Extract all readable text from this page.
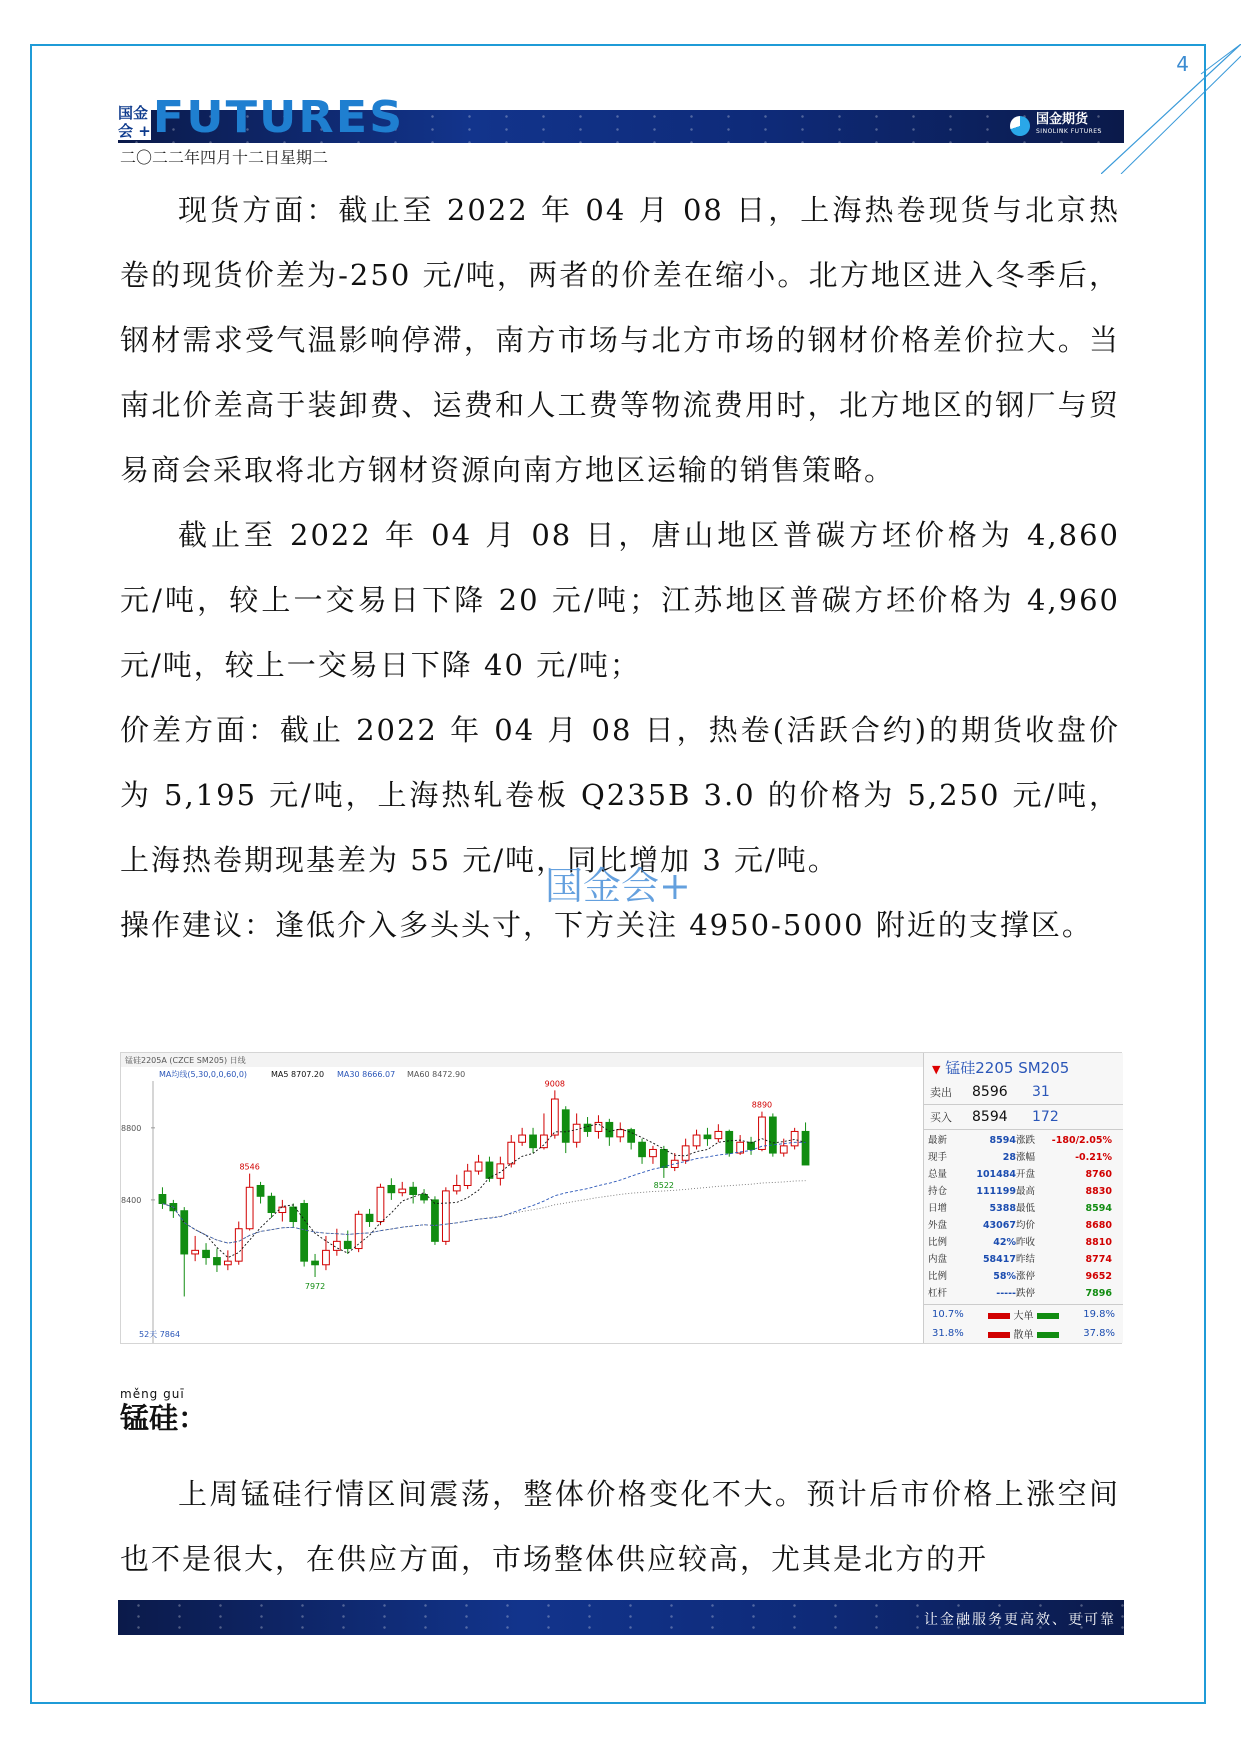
4
国金
会 + FUTURES	国金期货
SINOLINK FUTURES
二〇二二年四月十二日星期二

现货方面：截止至 2022 年 04 月 08 日，上海热卷现货与北京热卷的现货价差为-250 元/吨，两者的价差在缩小。北方地区进入冬季后，钢材需求受气温影响停滞，南方市场与北方市场的钢材价格差价拉大。当南北价差高于装卸费、运费和人工费等物流费用时，北方地区的钢厂与贸易商会采取将北方钢材资源向南方地区运输的销售策略。

截止至 2022 年 04 月 08 日，唐山地区普碳方坯价格为 4,860 元/吨，较上一交易日下降 20 元/吨；江苏地区普碳方坯价格为 4,960 元/吨，较上一交易日下降 40 元/吨；

价差方面：截止 2022 年 04 月 08 日，热卷(活跃合约)的期货收盘价为 5,195 元/吨，上海热轧卷板 Q235B 3.0 的价格为 5,250 元/吨，上海热卷期现基差为 55 元/吨，同比增加 3 元/吨。

操作建议：逢低介入多头头寸，下方关注 4950-5000 附近的支撑区。

国金会+
锰硅2205A (CZCE SM205) 日线
MA均线(5,30,0,0,60,0)	MA5 8707.20 MA30 8666.07 MA60 8472.90
8800
8400
9008
8546
8890
8522
7972
52天 7864
▼ 锰硅2205 SM205
卖出	8596	31
买入	8594	172
最新	8594 涨跌	-180/2.05%
现手	28 涨幅	-0.21%
总量	101484 开盘	8760
持仓	111199 最高	8830
日增	5388 最低	8594
外盘	43067 均价	8680
比例	42% 昨收	8810
内盘	58417 昨结	8774
比例	58% 涨停	9652
杠杆	----- 跌停	7896
10.7%	大单	19.8%
31.8%	散单	37.8%
měng guī
锰硅：

上周锰硅行情区间震荡，整体价格变化不大。预计后市价格上涨空间也不是很大，在供应方面，市场整体供应较高，尤其是北方的开

让金融服务更高效、更可靠
